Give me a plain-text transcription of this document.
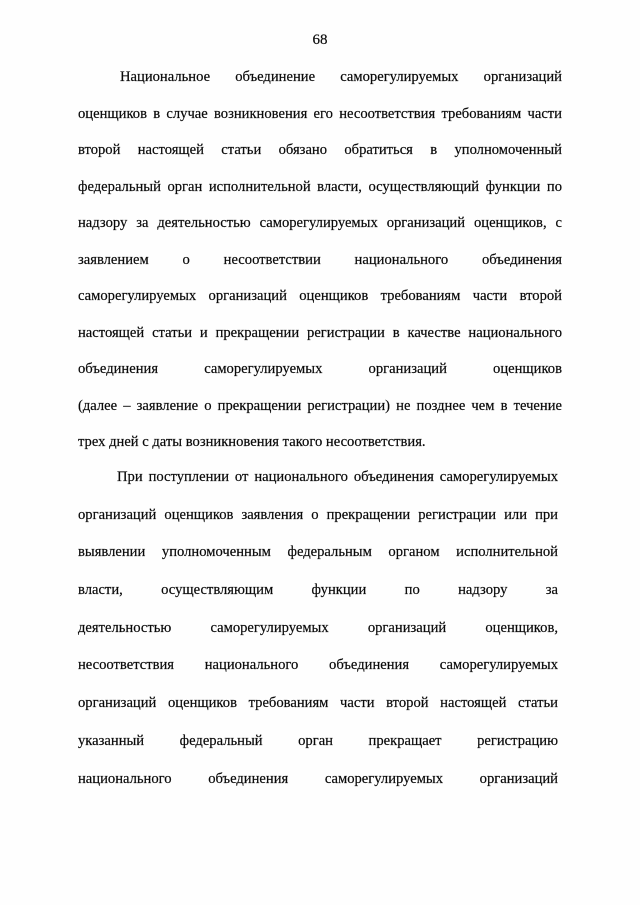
68
Национальное объединение саморегулируемых организаций
оценщиков в случае возникновения его несоответствия требованиям части
второй настоящей статьи обязано обратиться в уполномоченный
федеральный орган исполнительной власти, осуществляющий функции по
надзору за деятельностью саморегулируемых организаций оценщиков, с
заявлением о несоответствии национального объединения
саморегулируемых организаций оценщиков требованиям части второй
настоящей статьи и прекращении регистрации в качестве национального
объединения саморегулируемых организаций оценщиков
(далее – заявление о прекращении регистрации) не позднее чем в течение
трех дней с даты возникновения такого несоответствия.
При поступлении от национального объединения саморегулируемых
организаций оценщиков заявления о прекращении регистрации или при
выявлении уполномоченным федеральным органом исполнительной
власти, осуществляющим функции по надзору за
деятельностью саморегулируемых организаций оценщиков,
несоответствия национального объединения саморегулируемых
организаций оценщиков требованиям части второй настоящей статьи
указанный федеральный орган прекращает регистрацию
национального объединения саморегулируемых организаций
